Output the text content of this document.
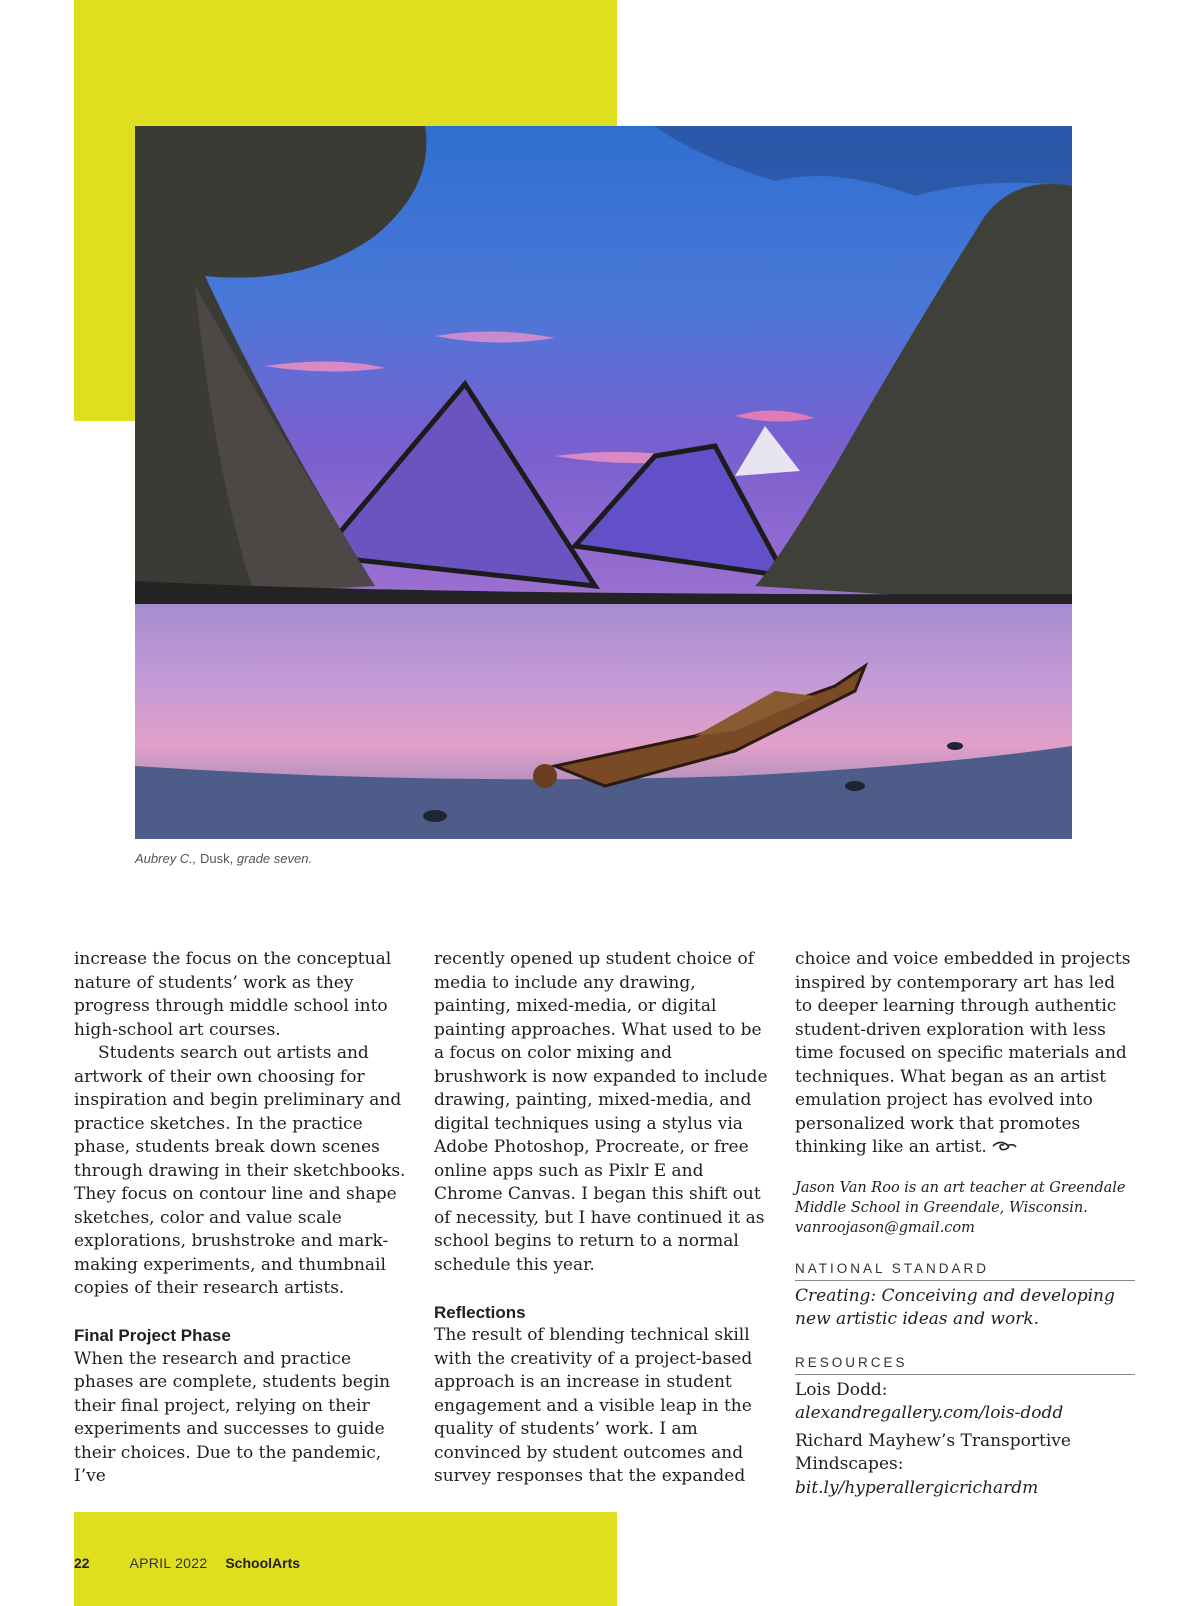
Aubrey C., Dusk, grade seven.

increase the focus on the conceptual nature of students’ work as they progress through middle school into high-school art courses.

Students search out artists and artwork of their own choosing for inspiration and begin preliminary and practice sketches. In the practice phase, students break down scenes through drawing in their sketchbooks. They focus on contour line and shape sketches, color and value scale explorations, brushstroke and mark-making experiments, and thumbnail copies of their research artists.

Final Project Phase

When the research and practice phases are complete, students begin their final project, relying on their experiments and successes to guide their choices. Due to the pandemic, I’ve

recently opened up student choice of media to include any drawing, painting, mixed-media, or digital painting approaches. What used to be a focus on color mixing and brushwork is now expanded to include drawing, painting, mixed-media, and digital techniques using a stylus via Adobe Photoshop, Procreate, or free online apps such as Pixlr E and Chrome Canvas. I began this shift out of necessity, but I have continued it as school begins to return to a normal schedule this year.

Reflections

The result of blending technical skill with the creativity of a project-based approach is an increase in student engagement and a visible leap in the quality of students’ work. I am convinced by student outcomes and survey responses that the expanded

choice and voice embedded in projects inspired by contemporary art has led to deeper learning through authentic student-driven exploration with less time focused on specific materials and techniques. What began as an artist emulation project has evolved into personalized work that promotes thinking like an artist.

Jason Van Roo is an art teacher at Greendale Middle School in Greendale, Wisconsin.
vanroojason@gmail.com

NATIONAL STANDARD

Creating: Conceiving and developing new artistic ideas and work.

RESOURCES

Lois Dodd:
alexandregallery.com/lois-dodd

Richard Mayhew’s Transportive Mindscapes: bit.ly/hyperallergicrichardm

22	APRIL 2022 SchoolArts
